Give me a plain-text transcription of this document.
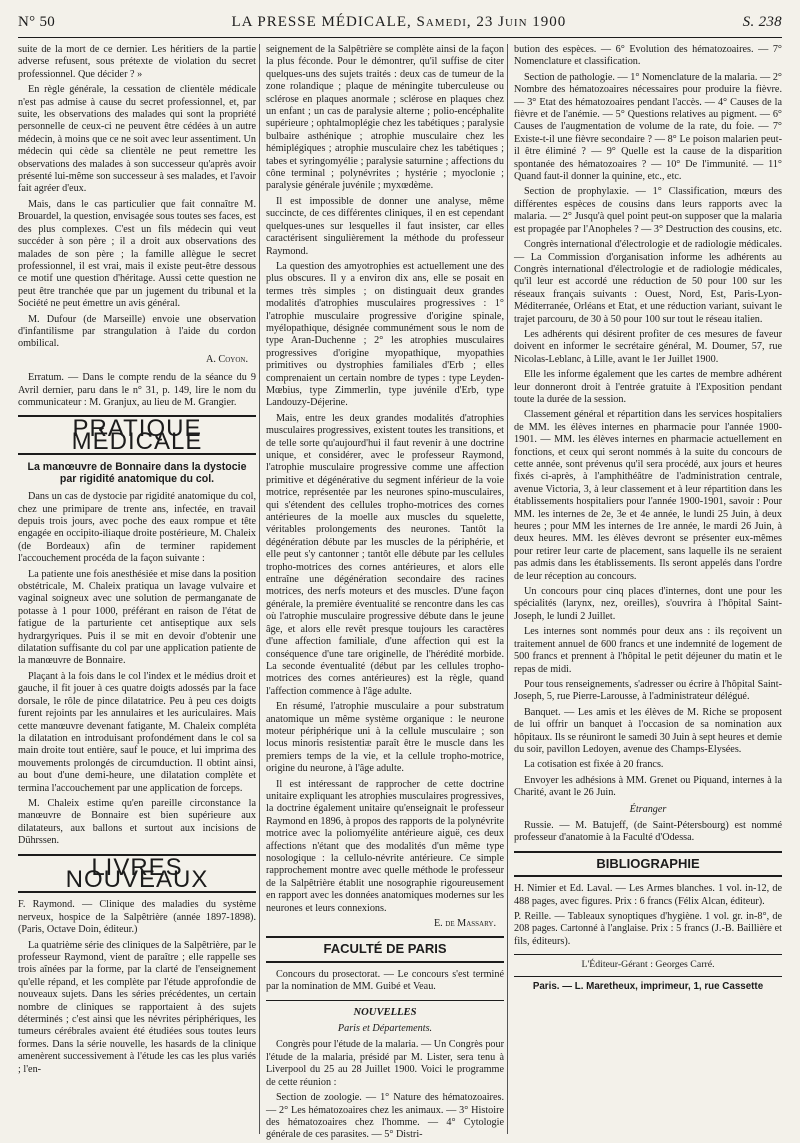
N° 50	LA PRESSE MÉDICALE, Samedi, 23 Juin 1900	S. 238

suite de la mort de ce dernier. Les héritiers de la partie adverse refusent, sous prétexte de violation du secret professionnel. Que décider ? »

En règle générale, la cessation de clientèle médicale n'est pas admise à cause du secret professionnel, et, par suite, les observations des malades qui sont la propriété personnelle de ceux-ci ne peuvent être cédées à un autre médecin, à moins que ce ne soit avec leur assentiment. Un médecin qui cède sa clientèle ne peut remettre les observations des malades à son successeur qu'après avoir présenté lui-même son successeur à ses malades, et l'avoir fait agréer d'eux.

Mais, dans le cas particulier que fait connaître M. Brouardel, la question, envisagée sous toutes ses faces, est des plus complexes. C'est un fils médecin qui veut succéder à son père ; il a droit aux observations des malades de son père ; la famille allègue le secret professionnel, il est vrai, mais il existe peut-être dessous ce motif une question d'héritage. Aussi cette question ne peut être tranchée que par un jugement du tribunal et la Société ne peut émettre un avis général.

M. Dufour (de Marseille) envoie une observation d'infantilisme par strangulation à l'aide du cordon ombilical.

A. Coyon.

Erratum. — Dans le compte rendu de la séance du 9 Avril dernier, paru dans le n° 31, p. 149, lire le nom du communicateur : M. Granjux, au lieu de M. Grangier.

PRATIQUE MÉDICALE
La manœuvre de Bonnaire dans la dystocie par rigidité anatomique du col.

Dans un cas de dystocie par rigidité anatomique du col, chez une primipare de trente ans, infectée, en travail depuis trois jours, avec poche des eaux rompue et tête engagée en occipito-iliaque droite postérieure, M. Chaleix (de Bordeaux) afin de terminer rapidement l'accouchement procéda de la façon suivante :

La patiente une fois anesthésiée et mise dans la position obstétricale, M. Chaleix pratiqua un lavage vulvaire et vaginal soigneux avec une solution de permanganate de potasse à 1 pour 1000, préférant en raison de l'état de fatigue de la parturiente cet antiseptique aux sels hydrargyriques. Puis il se mit en devoir d'obtenir une dilatation suffisante du col par une application patiente de la manœuvre de Bonnaire.

Plaçant à la fois dans le col l'index et le médius droit et gauche, il fit jouer à ces quatre doigts adossés par la face dorsale, le rôle de pince dilatatrice. Peu à peu ces doigts furent rejoints par les annulaires et les auriculaires. Mais cette manœuvre devenant fatigante, M. Chaleix compléta la dilatation en introduisant profondément dans le col sa main droite tout entière, sauf le pouce, et lui imprima des mouvements prolongés de circumduction. Il obtint ainsi, au bout d'une demi-heure, une dilatation complète et termina l'accouchement par une application de forceps.

M. Chaleix estime qu'en pareille circonstance la manœuvre de Bonnaire est bien supérieure aux dilatateurs, aux ballons et surtout aux incisions de Dührssen.

LIVRES NOUVEAUX

F. Raymond. — Clinique des maladies du système nerveux, hospice de la Salpêtrière (année 1897-1898). (Paris, Octave Doin, éditeur.)

La quatrième série des cliniques de la Salpêtrière, par le professeur Raymond, vient de paraître ; elle rappelle ses trois aînées par la forme, par la clarté de l'enseignement qu'elle répand, et les complète par l'étude approfondie de nouveaux sujets. Dans les séries précédentes, un certain nombre de cliniques se rapportaient à des sujets déterminés ; c'est ainsi que les névrites périphériques, les tumeurs cérébrales avaient été étudiées sous toutes leurs formes. Dans la série nouvelle, les hasards de la clinique amenèrent successivement à l'étude les cas les plus variés ; l'en-

seignement de la Salpêtrière se complète ainsi de la façon la plus féconde. Pour le démontrer, qu'il suffise de citer quelques-uns des sujets traités : deux cas de tumeur de la zone rolandique ; plaque de méningite tuberculeuse ou sclérose en plaques anormale ; sclérose en plaques chez un enfant ; un cas de paralysie alterne ; polio-encéphalite supérieure ; ophtalmoplégie chez les tabétiques ; paralysie bulbaire asthénique ; atrophie musculaire chez les hémiplégiques ; atrophie musculaire chez les tabétiques ; tabes et syringomyélie ; paralysie saturnine ; affections du cône terminal ; polynévrites ; hystérie ; myoclonie ; paralysie générale juvénile ; myxœdème.

Il est impossible de donner une analyse, même succincte, de ces différentes cliniques, il en est cependant quelques-unes sur lesquelles il faut insister, car elles caractérisent singulièrement la méthode du professeur Raymond.

La question des amyotrophies est actuellement une des plus obscures. Il y a environ dix ans, elle se posait en termes très simples ; on distinguait deux grandes modalités d'atrophies musculaires progressives : 1° l'atrophie musculaire progressive d'origine spinale, myélopathique, désignée communément sous le nom de type Aran-Duchenne ; 2° les atrophies musculaires progressives d'origine myopathique, myopathies primitives ou dystrophies familiales d'Erb ; elles comprenaient un certain nombre de types : type Leyden-Mœbius, type Zimmerlin, type juvénile d'Erb, type Landouzy-Déjerine.

Mais, entre les deux grandes modalités d'atrophies musculaires progressives, existent toutes les transitions, et de telle sorte qu'aujourd'hui il faut revenir à une doctrine unique, et considérer, avec le professeur Raymond, l'atrophie musculaire progressive comme une affection primitive et dégénérative du segment inférieur de la voie motrice, représentée par les neurones spino-musculaires, qui s'étendent des cellules tropho-motrices des cornes antérieures de la moelle aux muscles du squelette, véritables prolongements des neurones. Tantôt la dégénération débute par les muscles de la périphérie, et elle peut s'y cantonner ; tantôt elle débute par les cellules tropho-motrices des cornes antérieures, et alors elle entraîne une dégénération secondaire des racines motrices, des nerfs moteurs et des muscles. D'une façon générale, la première éventualité se rencontre dans les cas où l'atrophie musculaire progressive débute dans le jeune âge, et alors elle revêt presque toujours les caractères d'une affection familiale, d'une affection qui est la conséquence d'une tare originelle, de l'hérédité morbide. La seconde éventualité (début par les cellules tropho-motrices des cornes antérieures) est la règle, quand l'affection commence à l'âge adulte.

En résumé, l'atrophie musculaire a pour substratum anatomique un même système organique : le neurone moteur périphérique uni à la cellule musculaire ; son locus minoris resistentiæ paraît être le muscle dans les premiers temps de la vie, et la cellule tropho-motrice, origine du neurone, à l'âge adulte.

Il est intéressant de rapprocher de cette doctrine unitaire expliquant les atrophies musculaires progressives, la doctrine également unitaire qu'enseignait le professeur Raymond en 1896, à propos des rapports de la polynévrite motrice avec la poliomyélite antérieure aiguë, ces deux affections n'étant que des modalités d'un même type nosologique : la cellulo-névrite antérieure. Ce simple rapprochement montre avec quelle méthode le professeur de la Salpêtrière établit une nosographie rigoureusement en rapport avec les données anatomiques modernes sur les neurones et leurs connexions.

E. de Massary.

FACULTÉ DE PARIS

Concours du prosectorat. — Le concours s'est terminé par la nomination de MM. Guibé et Veau.

NOUVELLES
Paris et Départements.

Congrès pour l'étude de la malaria. — Un Congrès pour l'étude de la malaria, présidé par M. Lister, sera tenu à Liverpool du 25 au 28 Juillet 1900. Voici le programme de cette réunion :

Section de zoologie. — 1° Nature des hématozoaires. — 2° Les hématozoaires chez les animaux. — 3° Histoire des hématozoaires chez l'homme. — 4° Cytologie générale de ces parasites. — 5° Distri-

bution des espèces. — 6° Evolution des hématozoaires. — 7° Nomenclature et classification.

Section de pathologie. — 1° Nomenclature de la malaria. — 2° Nombre des hématozoaires nécessaires pour produire la fièvre. — 3° Etat des hématozoaires pendant l'accès. — 4° Causes de la fièvre et de l'anémie. — 5° Questions relatives au pigment. — 6° Causes de l'augmentation de volume de la rate, du foie. — 7° Existe-t-il une fièvre secondaire ? — 8° Le poison malarien peut-il être éliminé ? — 9° Quelle est la cause de la disparition spontanée des hématozoaires ? — 10° De l'immunité. — 11° Quand faut-il donner la quinine, etc., etc.

Section de prophylaxie. — 1° Classification, mœurs des différentes espèces de cousins dans leurs rapports avec la malaria. — 2° Jusqu'à quel point peut-on supposer que la malaria est propagée par l'Anopheles ? — 3° Destruction des cousins, etc.

Congrès international d'électrologie et de radiologie médicales. — La Commission d'organisation informe les adhérents au Congrès international d'électrologie et de radiologie médicales, qu'il leur est accordé une réduction de 50 pour 100 sur les réseaux français suivants : Ouest, Nord, Est, Paris-Lyon-Méditerranée, Orléans et Etat, et une réduction variant, suivant le trajet parcouru, de 30 à 50 pour 100 sur tout le réseau italien.

Les adhérents qui désirent profiter de ces mesures de faveur doivent en informer le secrétaire général, M. Doumer, 57, rue Nicolas-Leblanc, à Lille, avant le 1er Juillet 1900.

Elle les informe également que les cartes de membre adhérent leur donneront droit à l'entrée gratuite à l'Exposition pendant toute la durée de la session.

Classement général et répartition dans les services hospitaliers de MM. les élèves internes en pharmacie pour l'année 1900-1901. — MM. les élèves internes en pharmacie actuellement en fonctions, et ceux qui seront nommés à la suite du concours de cette année, sont prévenus qu'il sera procédé, aux jours et heures fixés ci-après, à l'amphithéâtre de l'administration centrale, avenue Victoria, 3, à leur classement et à leur répartition dans les établissements hospitaliers pour l'année 1900-1901, savoir : Pour MM. les internes de 2e, 3e et 4e année, le lundi 25 Juin, à deux heures ; pour MM les internes de 1re année, le mardi 26 Juin, à deux heures. MM. les élèves devront se présenter eux-mêmes pour retirer leur carte de placement, sans laquelle ils ne seraient pas admis dans les établissements. Ils seront appelés dans l'ordre de leur réception au concours.

Un concours pour cinq places d'internes, dont une pour les spécialités (larynx, nez, oreilles), s'ouvrira à l'hôpital Saint-Joseph, le lundi 2 Juillet.

Les internes sont nommés pour deux ans : ils reçoivent un traitement annuel de 600 francs et une indemnité de logement de 500 francs et prennent à l'hôpital le petit déjeuner du matin et le repas de midi.

Pour tous renseignements, s'adresser ou écrire à l'hôpital Saint-Joseph, 5, rue Pierre-Larousse, à l'administrateur délégué.

Banquet. — Les amis et les élèves de M. Riche se proposent de lui offrir un banquet à l'occasion de sa nomination aux hôpitaux. Ils se réuniront le samedi 30 Juin à sept heures et demie du soir, pavillon Ledoyen, avenue des Champs-Elysées.

La cotisation est fixée à 20 francs.

Envoyer les adhésions à MM. Grenet ou Piquand, internes à la Charité, avant le 26 Juin.

Étranger

Russie. — M. Batujeff, (de Saint-Pétersbourg) est nommé professeur d'anatomie à la Faculté d'Odessa.

BIBLIOGRAPHIE

H. Nimier et Ed. Laval. — Les Armes blanches. 1 vol. in-12, de 488 pages, avec figures. Prix : 6 francs (Félix Alcan, éditeur).

P. Reille. — Tableaux synoptiques d'hygiène. 1 vol. gr. in-8°, de 208 pages. Cartonné à l'anglaise. Prix : 5 francs (J.-B. Baillière et fils, éditeurs).

L'Éditeur-Gérant : Georges Carré.
Paris. — L. Maretheux, imprimeur, 1, rue Cassette
